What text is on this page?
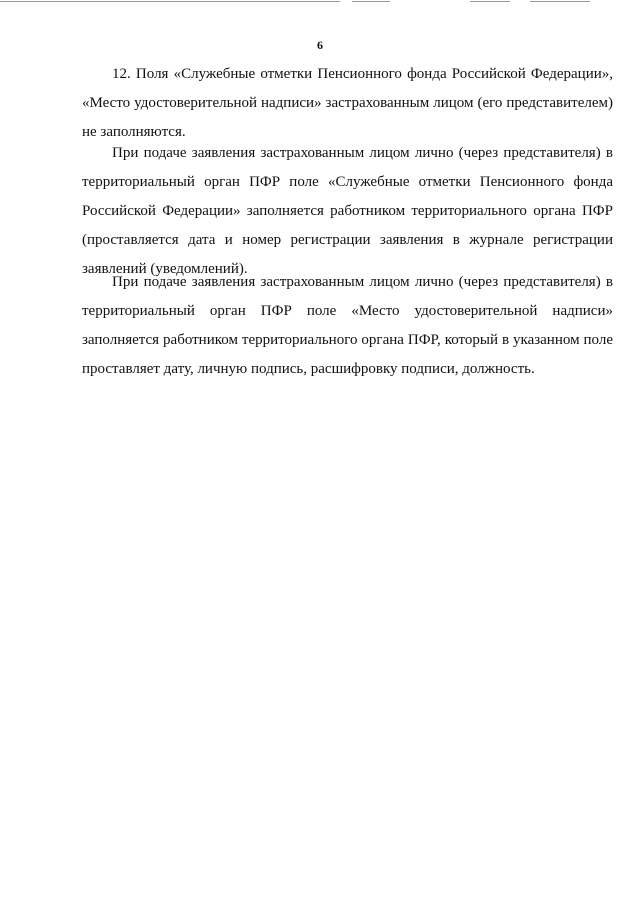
6

12. Поля «Служебные отметки Пенсионного фонда Российской Федерации», «Место удостоверительной надписи» застрахованным лицом (его представителем) не заполняются.

При подаче заявления застрахованным лицом лично (через представителя) в территориальный орган ПФР поле «Служебные отметки Пенсионного фонда Российской Федерации» заполняется работником территориального органа ПФР (проставляется дата и номер регистрации заявления в журнале регистрации заявлений (уведомлений).

При подаче заявления застрахованным лицом лично (через представителя) в территориальный орган ПФР поле «Место удостоверительной надписи» заполняется работником территориального органа ПФР, который в указанном поле проставляет дату, личную подпись, расшифровку подписи, должность.
